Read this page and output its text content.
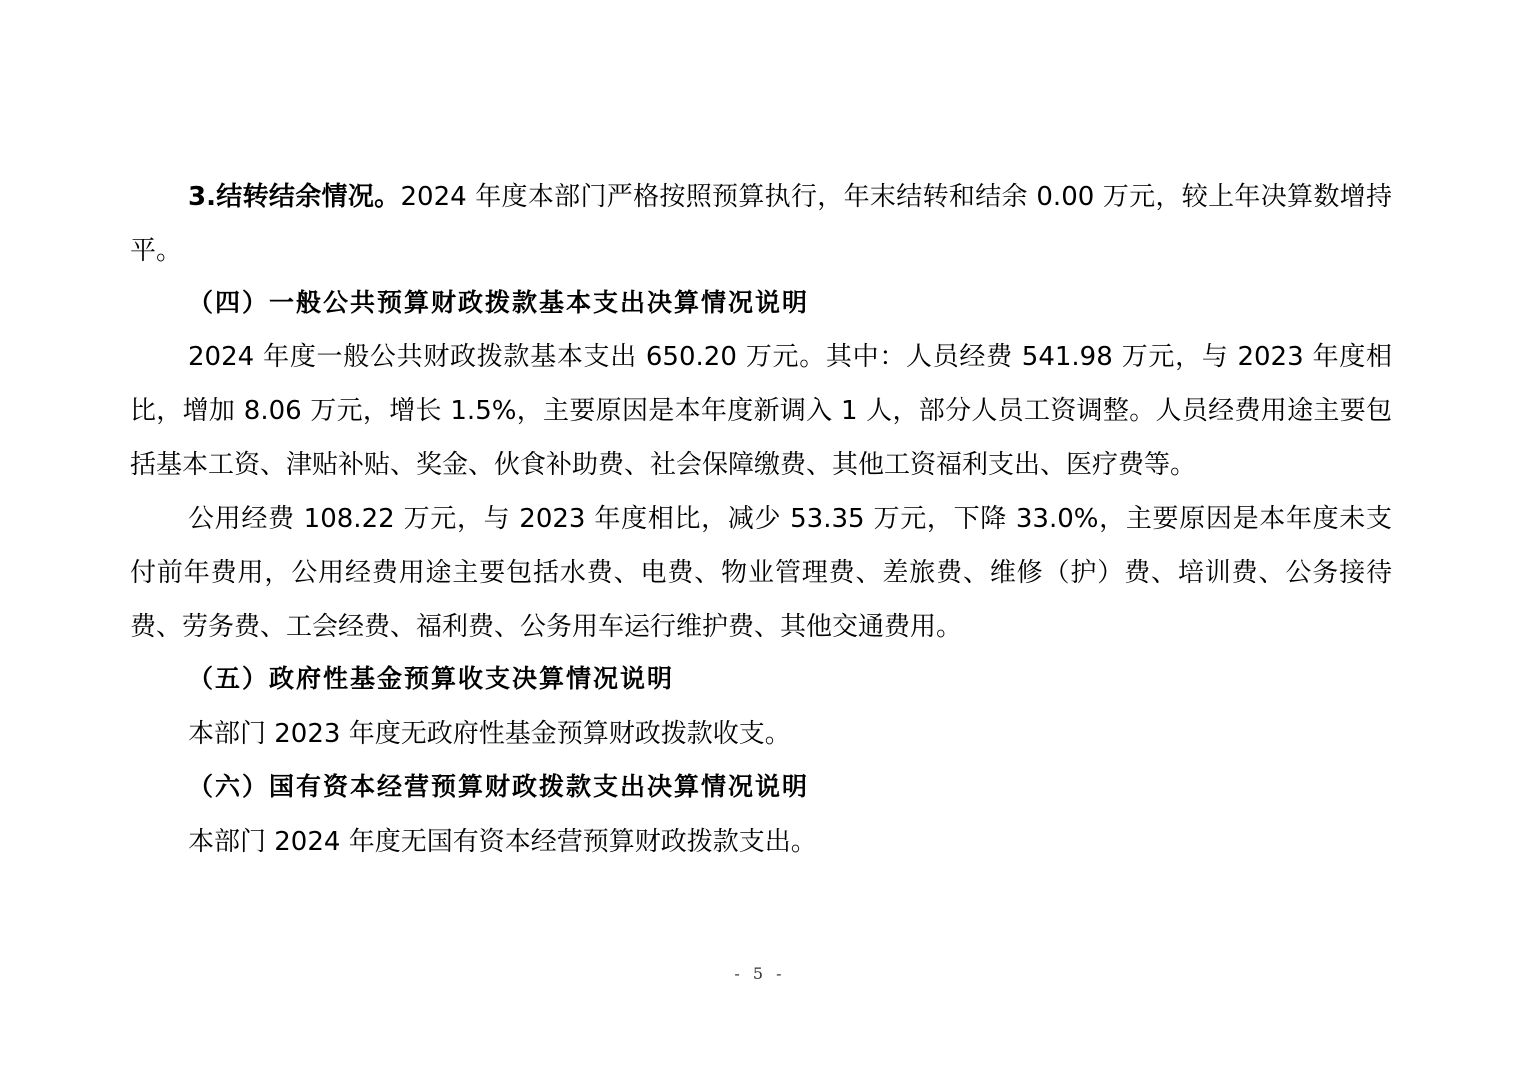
3.结转结余情况。2024 年度本部门严格按照预算执行，年末结转和结余 0.00 万元，较上年决算数增持平。

（四）一般公共预算财政拨款基本支出决算情况说明

2024 年度一般公共财政拨款基本支出 650.20 万元。其中：人员经费 541.98 万元，与 2023 年度相比，增加 8.06 万元，增长 1.5%，主要原因是本年度新调入 1 人，部分人员工资调整。人员经费用途主要包括基本工资、津贴补贴、奖金、伙食补助费、社会保障缴费、其他工资福利支出、医疗费等。

公用经费 108.22 万元，与 2023 年度相比，减少 53.35 万元，下降 33.0%，主要原因是本年度未支付前年费用，公用经费用途主要包括水费、电费、物业管理费、差旅费、维修（护）费、培训费、公务接待费、劳务费、工会经费、福利费、公务用车运行维护费、其他交通费用。

（五）政府性基金预算收支决算情况说明

本部门 2023 年度无政府性基金预算财政拨款收支。

（六）国有资本经营预算财政拨款支出决算情况说明

本部门 2024 年度无国有资本经营预算财政拨款支出。

- 5 -
